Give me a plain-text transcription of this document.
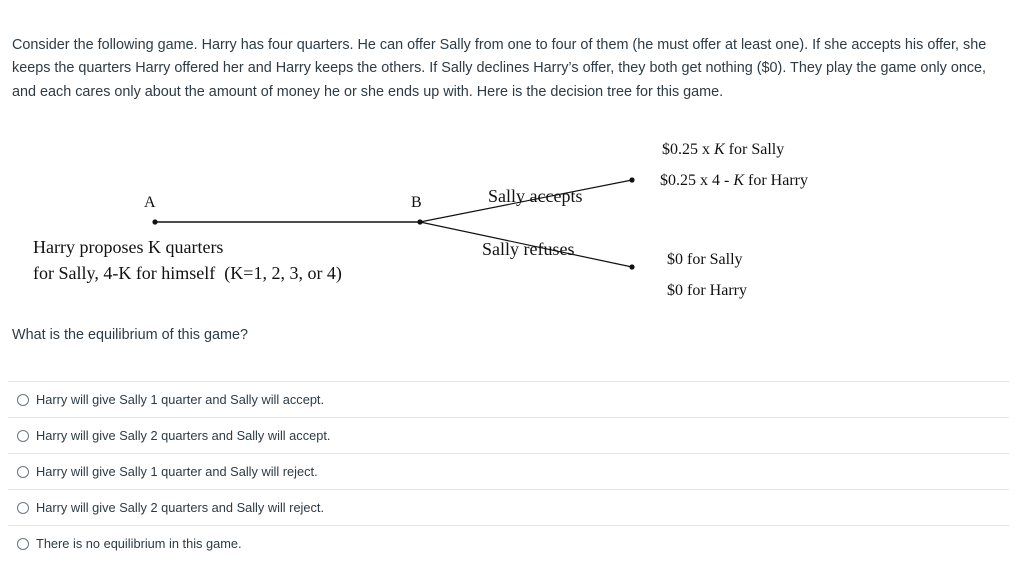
Consider the following game. Harry has four quarters. He can offer Sally from one to four of them (he must offer at least one). If she accepts his offer, she keeps the quarters Harry offered her and Harry keeps the others. If Sally declines Harry’s offer, they both get nothing ($0). They play the game only once, and each cares only about the amount of money he or she ends up with. Here is the decision tree for this game.

A	B
Harry proposes K quarters
for Sally, 4-K for himself  (K=1, 2, 3, or 4)
Sally accepts
Sally refuses
$0.25 x K for Sally
$0.25 x 4 - K for Harry
$0 for Sally
$0 for Harry

What is the equilibrium of this game?

Harry will give Sally 1 quarter and Sally will accept.
Harry will give Sally 2 quarters and Sally will accept.
Harry will give Sally 1 quarter and Sally will reject.
Harry will give Sally 2 quarters and Sally will reject.
There is no equilibrium in this game.
